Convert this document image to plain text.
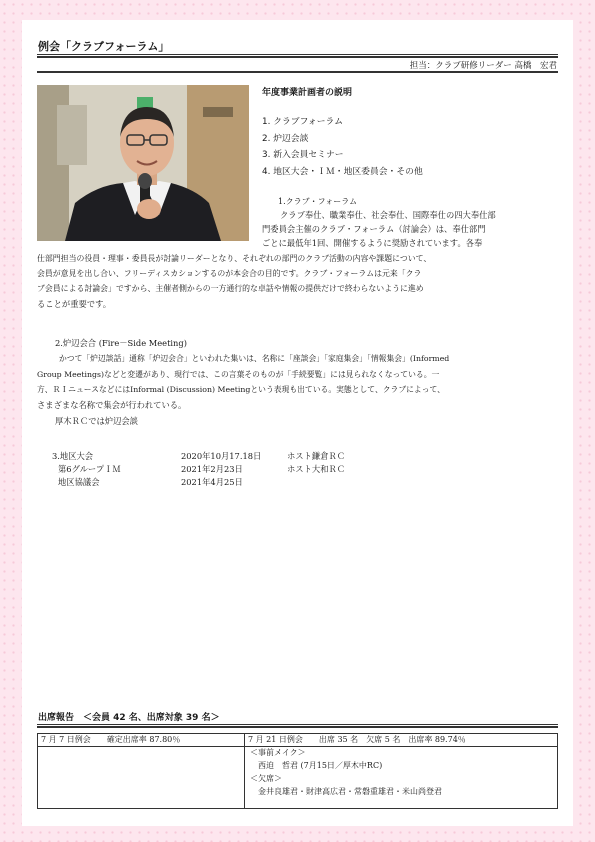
例会「クラブフォーラム」
担当：クラブ研修リーダー 高橋　宏君
年度事業計画者の説明
1. クラブフォーラム
2. 炉辺会談
3. 新入会員セミナー
4. 地区大会・ＩＭ・地区委員会・その他
1.クラブ・フォーラム
クラブ奉仕、職業奉仕、社会奉仕、国際奉仕の四大奉仕部
門委員会主催のクラブ・フォーラム（討論会）は、奉仕部門
ごとに最低年1回、開催するように奨励されています。各奉
仕部門担当の役員・理事・委員長が討論リーダーとなり、それぞれの部門のクラブ活動の内容や課題について、
会員が意見を出し合い、フリーディスカションするのが本会合の目的です。クラブ・フォーラムは元来「クラ
ブ会員による討論会」ですから、主催者側からの一方通行的な卓話や情報の提供だけで終わらないように進め
ることが重要です。
2.炉辺会合 (Fire－Side Meeting)
かつて「炉辺談話」通称「炉辺会合」といわれた集いは、名称に「座談会」「家庭集会」「情報集会」(Informed
Group Meetings)などと変遷があり、現行では、この言葉そのものが「手続要覧」には見られなくなっている。一
方、ＲＩニュースなどにはInformal (Discussion) Meetingという表現も出ている。実態として、クラブによって、
さまざまな名称で集会が行われている。
厚木ＲＣでは炉辺会談
3.地区大会	2020年10月17.18日	ホスト鎌倉ＲＣ
第6グループＩＭ	2021年2月23日	ホスト大和ＲＣ
地区協議会	2021年4月25日
出席報告　＜会員 42 名、出席対象 39 名＞
7 月 7 日例会　　確定出席率 87.80％	7 月 21 日例会　　出席 35 名　欠席 5 名　出席率 89.74％
＜事前メイク＞
西迫　哲君 (7月15日／厚木中RC)
＜欠席＞
金井良雄君・財津高広君・常磐重雄君・米山尚登君
